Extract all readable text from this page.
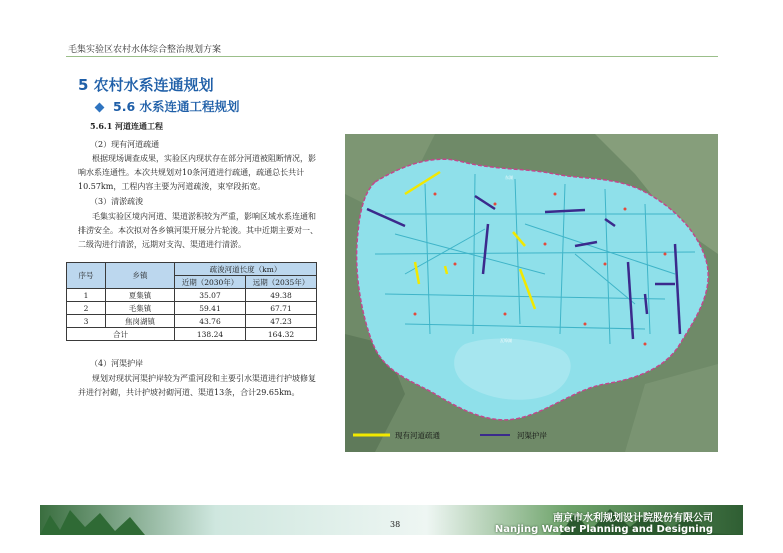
毛集实验区农村水体综合整治规划方案
5 农村水系连通规划
5.6 水系连通工程规划
5.6.1 河道连通工程
（2）现有河道疏通
根据现场调查成果，实验区内现状存在部分河道被阻断情况，影
响水系连通性。本次共规划对10条河道进行疏通，疏通总长共计
10.57km，工程内容主要为河道疏浚，束窄段拓宽。
（3）清淤疏浚
毛集实验区境内河道、渠道淤积较为严重，影响区域水系连通和
排涝安全。本次拟对各乡镇河渠开展分片轮浚。其中近期主要对一、
二级沟进行清淤，远期对支沟、渠道进行清淤。
序号	乡镇	疏浚河道长度（km）	
		近期（2030年）	远期（2035年）
1	夏集镇	35.07	49.38
2	毛集镇	59.41	67.71
3	焦岗湖镇	43.76	47.23
合计		138.24	164.32
（4）河渠护岸
规划对现状河渠护岸较为严重河段和主要引水渠道进行护坡修复
并进行衬砌，共计护坡衬砌河道、渠道13条，合计29.65km。
瓦埠湖
东湖
现有河道疏通	河渠护岸
38
南京市水利规划设计院股份有限公司
Nanjing Water Planning and Designing
